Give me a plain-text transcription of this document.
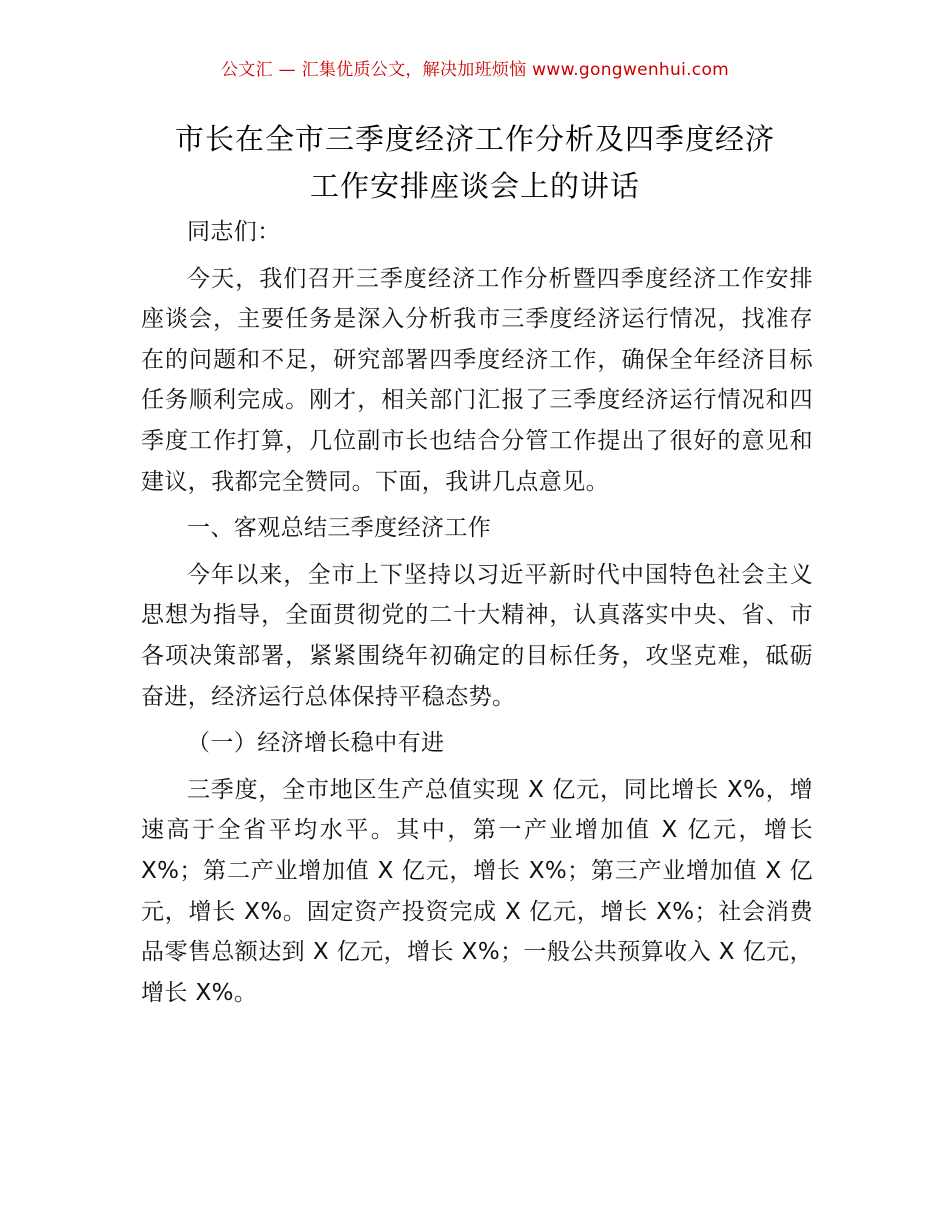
公文汇 — 汇集优质公文，解决加班烦恼 www.gongwenhui.com
市长在全市三季度经济工作分析及四季度经济
工作安排座谈会上的讲话

同志们：

今天，我们召开三季度经济工作分析暨四季度经济工作安排座谈会，主要任务是深入分析我市三季度经济运行情况，找准存在的问题和不足，研究部署四季度经济工作，确保全年经济目标任务顺利完成。刚才，相关部门汇报了三季度经济运行情况和四季度工作打算，几位副市长也结合分管工作提出了很好的意见和建议，我都完全赞同。下面，我讲几点意见。

一、客观总结三季度经济工作

今年以来，全市上下坚持以习近平新时代中国特色社会主义思想为指导，全面贯彻党的二十大精神，认真落实中央、省、市各项决策部署，紧紧围绕年初确定的目标任务，攻坚克难，砥砺奋进，经济运行总体保持平稳态势。

（一）经济增长稳中有进

三季度，全市地区生产总值实现 X 亿元，同比增长 X%，增速高于全省平均水平。其中，第一产业增加值 X 亿元，增长 X%；第二产业增加值 X 亿元，增长 X%；第三产业增加值 X 亿元，增长 X%。固定资产投资完成 X 亿元，增长 X%；社会消费品零售总额达到 X 亿元，增长 X%；一般公共预算收入 X 亿元，增长 X%。
